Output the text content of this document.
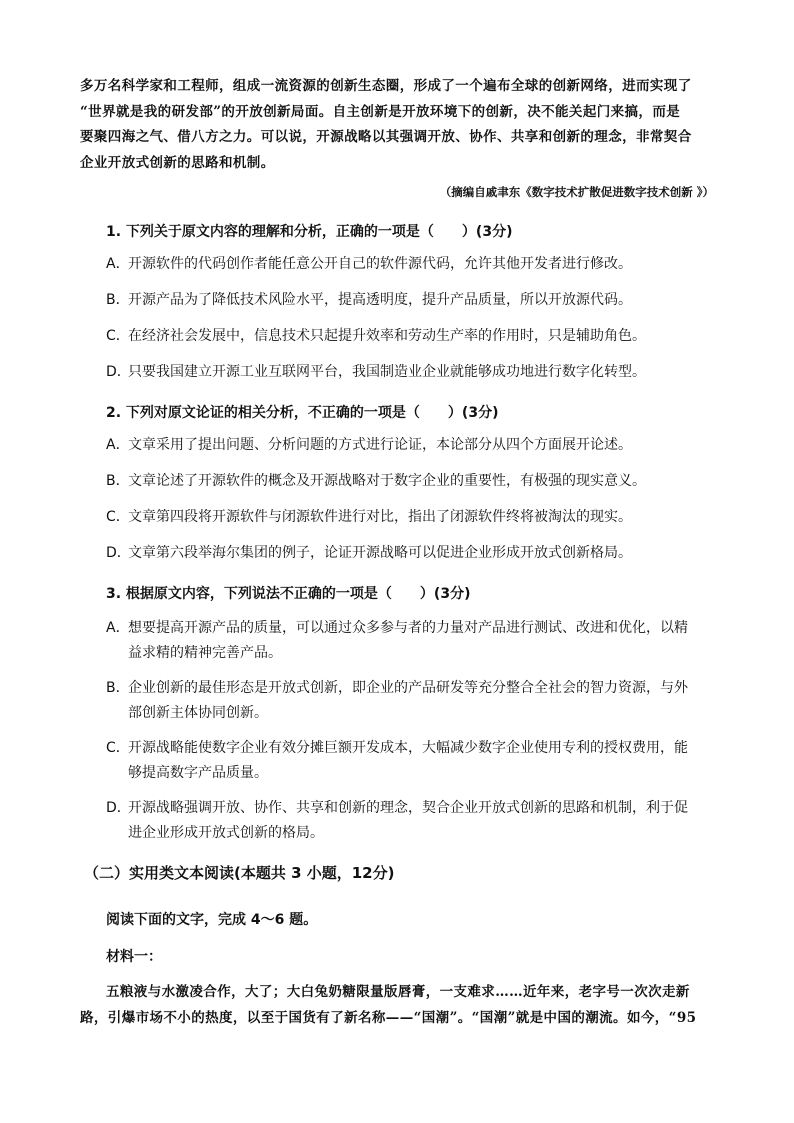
多万名科学家和工程师，组成一流资源的创新生态圈，形成了一个遍布全球的创新网络，进而实现了
“世界就是我的研发部”的开放创新局面。自主创新是开放环境下的创新，决不能关起门来搞，而是
要聚四海之气、借八方之力。可以说，开源战略以其强调开放、协作、共享和创新的理念，非常契合
企业开放式创新的思路和机制。
（摘编自戚聿东《数字技术扩散促进数字技术创新 》）
1. 下列关于原文内容的理解和分析，正确的一项是（　　）(3分)
A．
开源软件的代码创作者能任意公开自己的软件源代码，允许其他开发者进行修改。
B．
开源产品为了降低技术风险水平，提高透明度，提升产品质量，所以开放源代码。
C．
在经济社会发展中，信息技术只起提升效率和劳动生产率的作用时，只是辅助角色。
D．
只要我国建立开源工业互联网平台，我国制造业企业就能够成功地进行数字化转型。
2. 下列对原文论证的相关分析，不正确的一项是（　　）(3分)
A．
文章采用了提出问题、分析问题的方式进行论证，本论部分从四个方面展开论述。
B．
文章论述了开源软件的概念及开源战略对于数字企业的重要性，有极强的现实意义。
C．
文章第四段将开源软件与闭源软件进行对比，指出了闭源软件终将被淘汰的现实。
D．
文章第六段举海尔集团的例子，论证开源战略可以促进企业形成开放式创新格局。
3. 根据原文内容，下列说法不正确的一项是（　　）(3分)
A．
想要提高开源产品的质量，可以通过众多参与者的力量对产品进行测试、改进和优化，以精
益求精的精神完善产品。
B．
企业创新的最佳形态是开放式创新，即企业的产品研发等充分整合全社会的智力资源，与外
部创新主体协同创新。
C．
开源战略能使数字企业有效分摊巨额开发成本，大幅减少数字企业使用专利的授权费用，能
够提高数字产品质量。
D．
开源战略强调开放、协作、共享和创新的理念，契合企业开放式创新的思路和机制，利于促
进企业形成开放式创新的格局。
（二）实用类文本阅读(本题共 3 小题，12分)
阅读下面的文字，完成 4～6 题。
材料一：
五粮液与水激凌合作，大了；大白兔奶糖限量版唇膏，一支难求……近年来，老字号一次次走新
路，引爆市场不小的热度，以至于国货有了新名称——“国潮”。“国潮”就是中国的潮流。如今，“95
